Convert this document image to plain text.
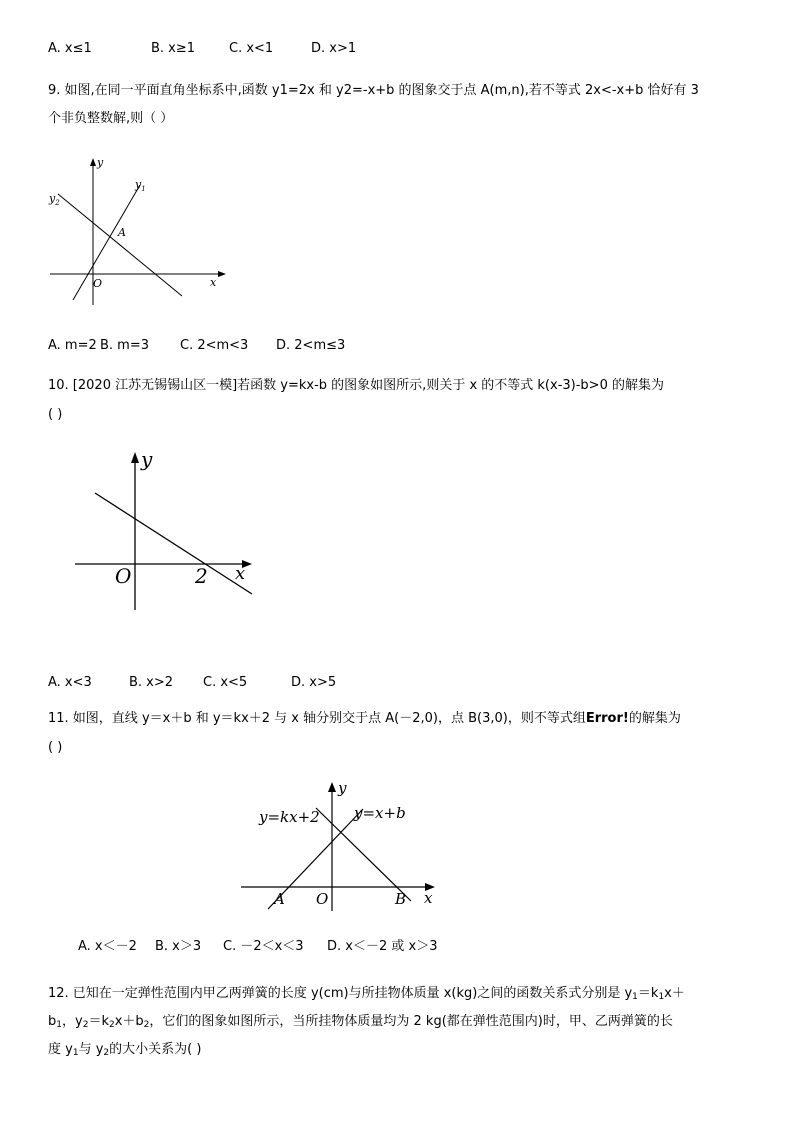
A. x≤1	B. x≥1	C. x<1	D. x>1
9. 如图,在同一平面直角坐标系中,函数 y1=2x 和 y2=-x+b 的图象交于点 A(m,n),若不等式 2x<-x+b 恰好有 3
个非负整数解,则（ ）
y
x
O
A
$y_1$
$y_2$
A. m=2 B. m=3 C. 2<m<3 D. 2<m≤3
10. [2020 江苏无锡锡山区一模]若函数 y=kx-b 的图象如图所示,则关于 x 的不等式 k(x-3)-b>0 的解集为
( )
y
x
O	2
A. x<3	B. x>2 C. x<5	D. x>5
11. 如图，直线 y＝x＋b 和 y＝kx＋2 与 x 轴分别交于点 A(－2,0)，点 B(3,0)，则不等式组Error!的解集为
( )
y
x
O
A	B
y=kx+2 y=x+b
A. x＜－2 B. x＞3 C. －2＜x＜3 D. x＜－2 或 x＞3
12. 已知在一定弹性范围内甲乙两弹簧的长度 y(cm)与所挂物体质量 x(kg)之间的函数关系式分别是 $y_1=k_1x+$
$b_1$，$y_2=k_2x+b_2$，它们的图象如图所示，当所挂物体质量均为 2 kg(都在弹性范围内)时，甲、乙两弹簧的长
度 $y_1$与 $y_2$的大小关系为( )
